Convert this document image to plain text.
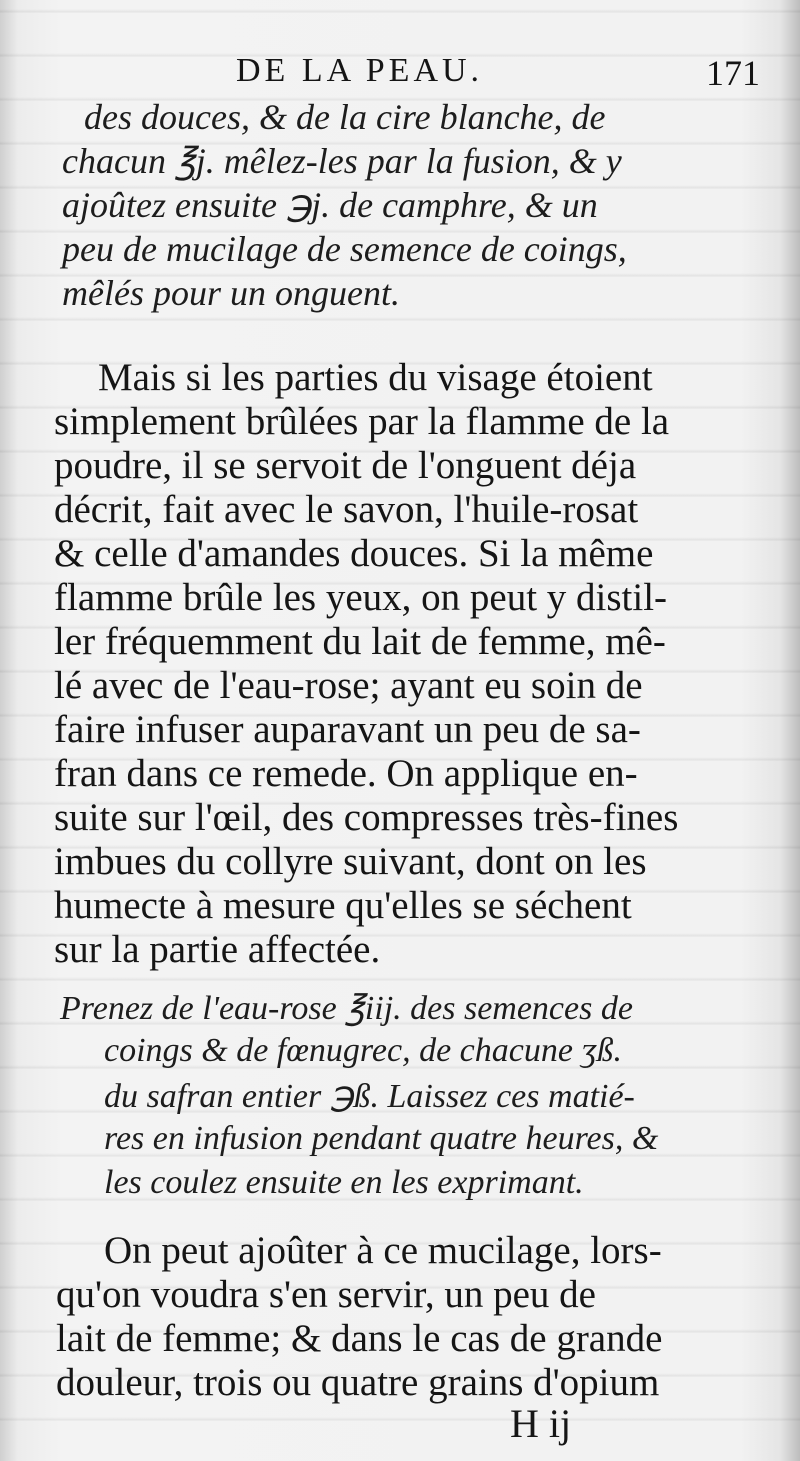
DE LA PEAU.	171
des douces, & de la cire blanche, de
chacun ℥j. mêlez-les par la fusion, & y
ajoûtez ensuite ℈j. de camphre, & un
peu de mucilage de semence de coings,
mêlés pour un onguent.
Mais si les parties du visage étoient
simplement brûlées par la flamme de la
poudre, il se servoit de l'onguent déja
décrit, fait avec le savon, l'huile-rosat
& celle d'amandes douces. Si la même
flamme brûle les yeux, on peut y distil-
ler fréquemment du lait de femme, mê-
lé avec de l'eau-rose; ayant eu soin de
faire infuser auparavant un peu de sa-
fran dans ce remede. On applique en-
suite sur l'œil, des compresses très-fines
imbues du collyre suivant, dont on les
humecte à mesure qu'elles se séchent
sur la partie affectée.
Prenez de l'eau-rose ℥iij. des semences de
coings & de fœnugrec, de chacune ʒß.
du safran entier ℈ß. Laissez ces matié-
res en infusion pendant quatre heures, &
les coulez ensuite en les exprimant.
On peut ajoûter à ce mucilage, lors-
qu'on voudra s'en servir, un peu de
lait de femme; & dans le cas de grande
douleur, trois ou quatre grains d'opium
H ij
